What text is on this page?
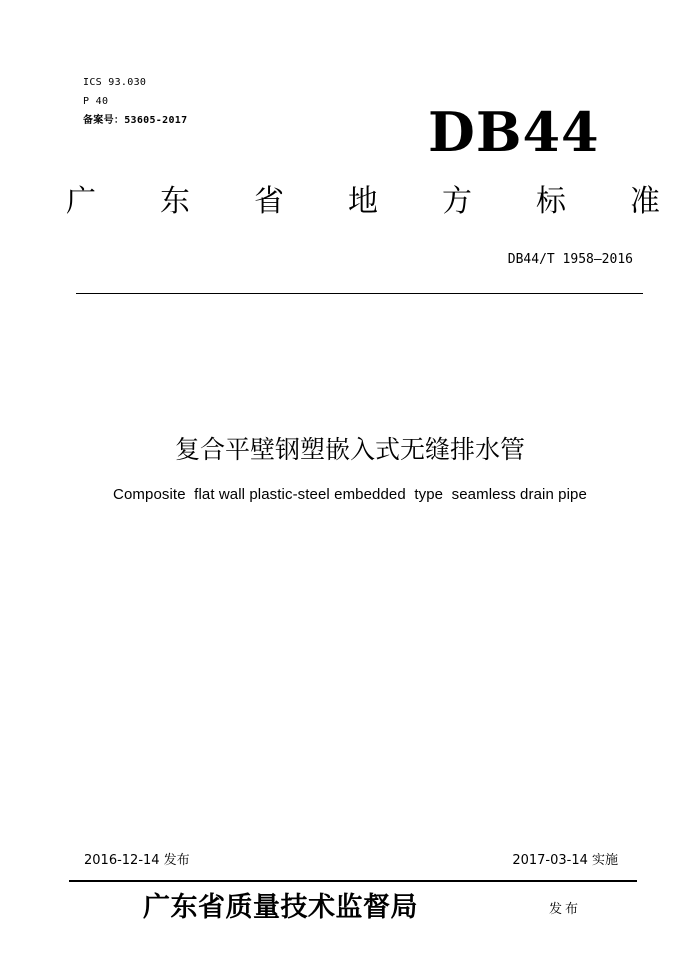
ICS 93.030
P 40
备案号：53605-2017	DB44
广 东 省 地 方 标 准
DB44/T 1958—2016
复合平壁钢塑嵌入式无缝排水管
Composite  flat wall plastic-steel embedded  type  seamless drain pipe
2016-12-14 发布	2017-03-14 实施
广东省质量技术监督局	发布
